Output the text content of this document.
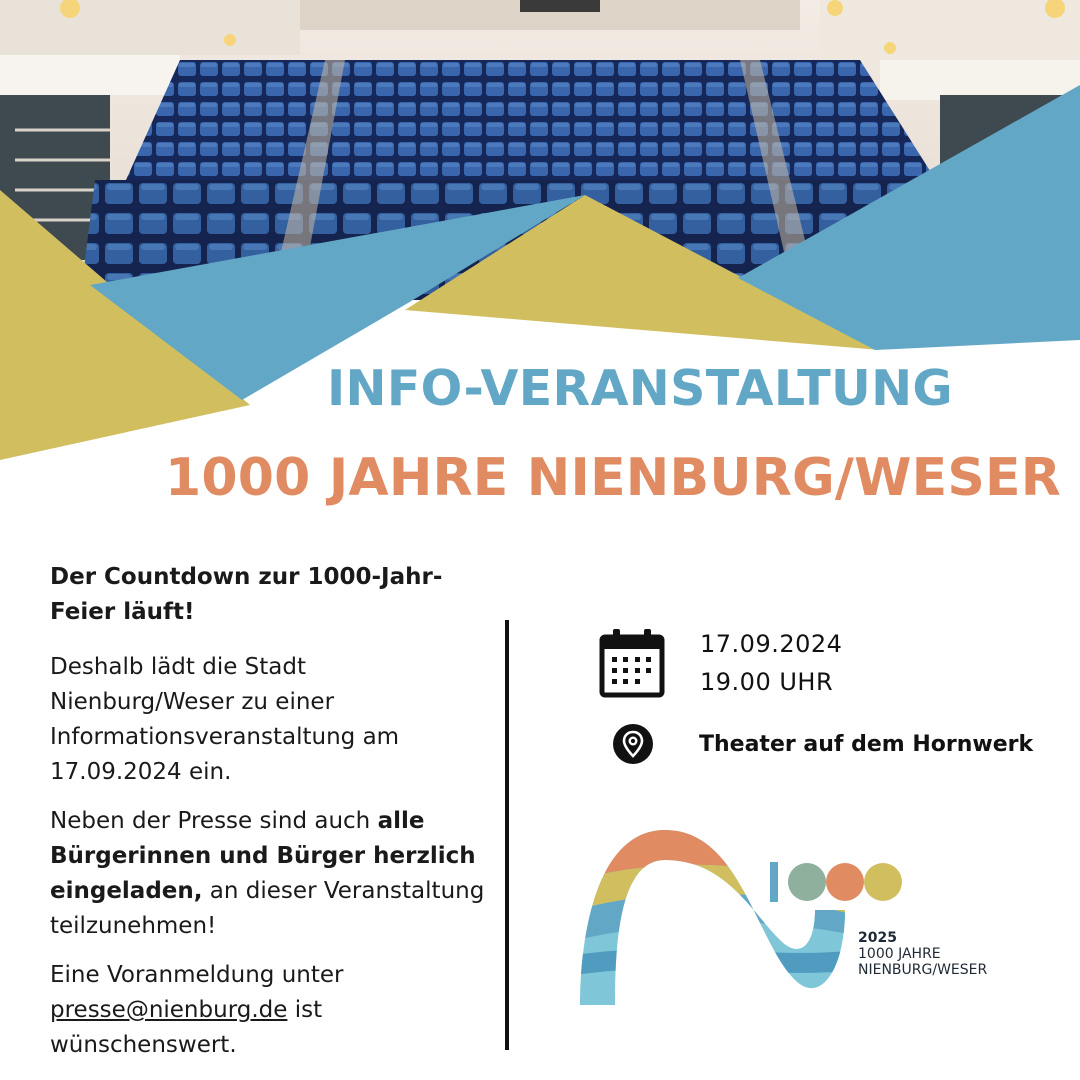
INFO-VERANSTALTUNG
1000 JAHRE NIENBURG/WESER

Der Countdown zur 1000-Jahr-Feier läuft!

Deshalb lädt die Stadt Nienburg/Weser zu einer Informationsveranstaltung am 17.09.2024 ein.

Neben der Presse sind auch alle Bürgerinnen und Bürger herzlich eingeladen, an dieser Veranstaltung teilzunehmen!

Eine Voranmeldung unter presse@nienburg.de ist wünschenswert.

17.09.2024
19.00 UHR
Theater auf dem Hornwerk
2025
1000 JAHRE
NIENBURG/WESER
